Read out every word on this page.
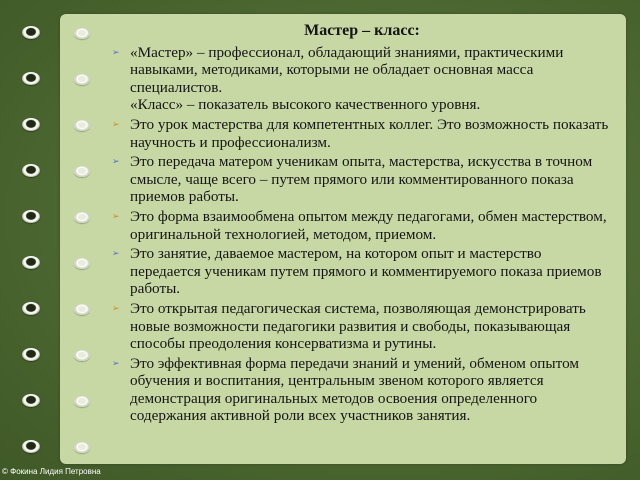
Мастер – класс:
➢ «Мастер» – профессионал, обладающий знаниями, практическими навыками, методиками, которыми не обладает основная масса специалистов.
«Класс» – показатель высокого качественного уровня.
➢ Это урок мастерства для компетентных коллег. Это возможность показать научность и профессионализм.
➢ Это передача матером ученикам опыта, мастерства, искусства в точном смысле, чаще всего – путем прямого или комментированного показа приемов работы.
➢ Это форма взаимообмена опытом между педагогами, обмен мастерством, оригинальной технологией, методом, приемом.
➢ Это занятие, даваемое мастером, на котором опыт и мастерство передается ученикам путем прямого и комментируемого показа приемов работы.
➢ Это открытая педагогическая система, позволяющая демонстрировать новые возможности педагогики развития и свободы, показывающая способы преодоления консерватизма и рутины.
➢ Это эффективная форма передачи знаний и умений, обменом опытом обучения и воспитания, центральным звеном которого является демонстрация оригинальных методов освоения определенного содержания активной роли всех участников занятия.
© Фокина Лидия Петровна
